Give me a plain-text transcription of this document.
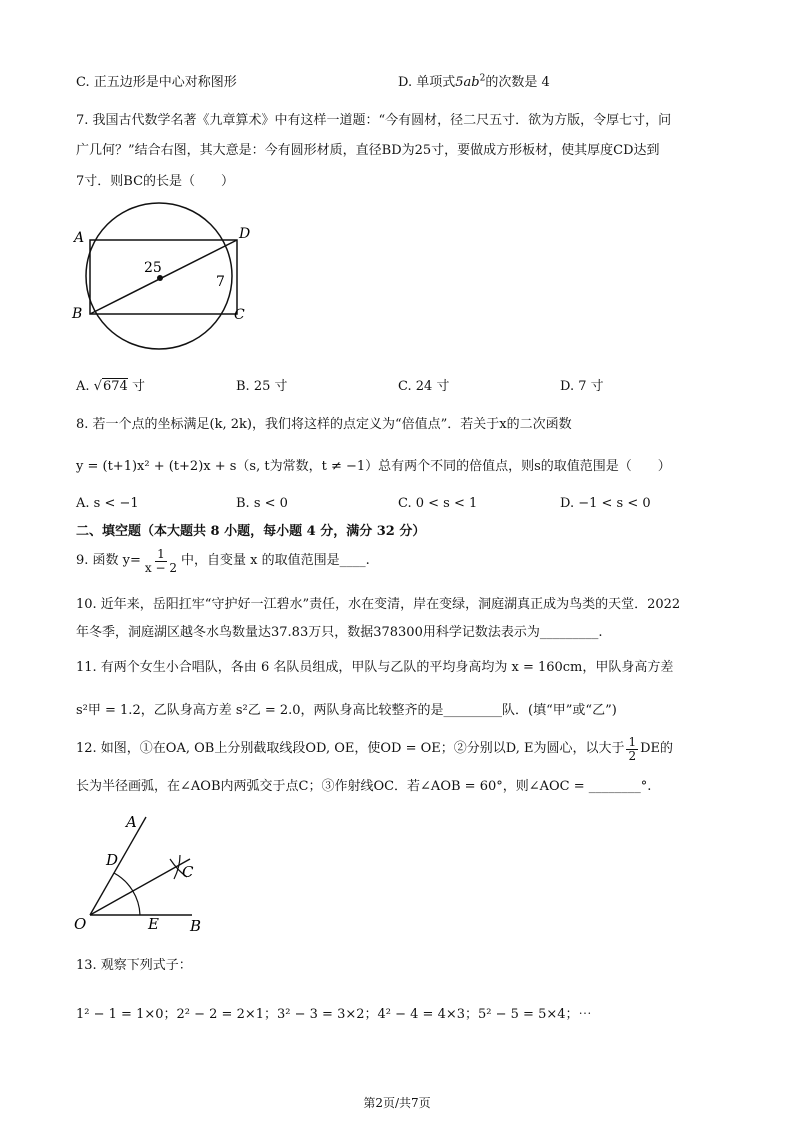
C. 正五边形是中心对称图形	D. 单项式$5ab^2$的次数是 4
7. 我国古代数学名著《九章算术》中有这样一道题：“今有圆材，径二尺五寸．欲为方版，令厚七寸，问
广几何？”结合右图，其大意是：今有圆形材质，直径BD为25寸，要做成方形板材，使其厚度CD达到
7寸．则BC的长是（　　）
A	D
B	C
25
7
A. √674 寸	B. 25 寸	C. 24 寸	D. 7 寸
8. 若一个点的坐标满足(k, 2k)，我们将这样的点定义为“倍值点”．若关于x的二次函数
y = (t+1)x² + (t+2)x + s（s, t为常数，t ≠ −1）总有两个不同的倍值点，则s的取值范围是（　　）
A. s < −1	B. s < 0	C. 0 < s < 1	D. −1 < s < 0
二、填空题（本大题共 8 小题，每小题 4 分，满分 32 分）
9. 函数 $y= \frac{1}{x - 2}$ 中，自变量 x 的取值范围是____.
10. 近年来，岳阳扛牢“守护好一江碧水”责任，水在变清，岸在变绿，洞庭湖真正成为鸟类的天堂．2022
年冬季，洞庭湖区越冬水鸟数量达37.83万只，数据378300用科学记数法表示为_________.
11. 有两个女生小合唱队，各由 6 名队员组成，甲队与乙队的平均身高均为 x = 160cm，甲队身高方差
s²甲 = 1.2，乙队身高方差 s²乙 = 2.0，两队身高比较整齐的是_________队．(填“甲”或“乙”)
12. 如图，①在OA, OB上分别截取线段OD, OE，使OD = OE；②分别以D, E为圆心，以大于 $\frac{1}{2}$ DE的
长为半径画弧，在∠AOB内两弧交于点C；③作射线OC．若∠AOB = 60°，则∠AOC = ________°.
A
D
C
O	E B
13. 观察下列式子：
1² − 1 = 1×0；2² − 2 = 2×1；3² − 3 = 3×2；4² − 4 = 4×3；5² − 5 = 5×4；⋯
第2页/共7页
